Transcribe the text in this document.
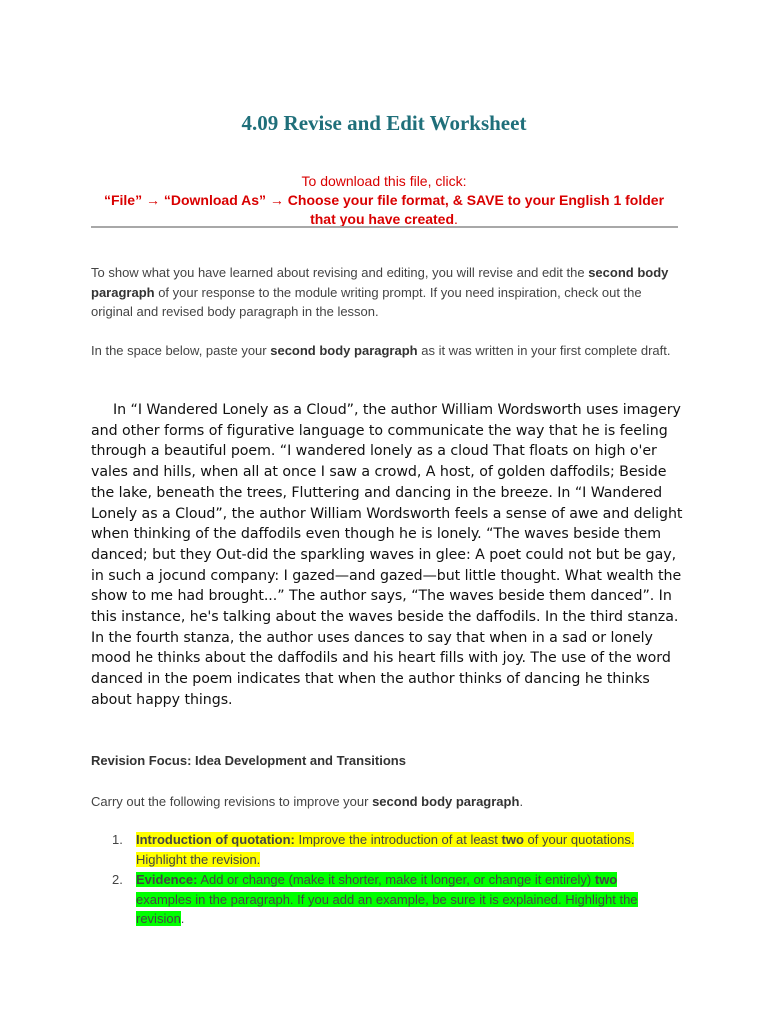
4.09 Revise and Edit Worksheet
To download this file, click:
“File” → “Download As” → Choose your file format, & SAVE to your English 1 folder that you have created.
To show what you have learned about revising and editing, you will revise and edit the second body paragraph of your response to the module writing prompt. If you need inspiration, check out the original and revised body paragraph in the lesson.
In the space below, paste your second body paragraph as it was written in your first complete draft.
In “I Wandered Lonely as a Cloud”, the author William Wordsworth uses imagery and other forms of figurative language to communicate the way that he is feeling through a beautiful poem. “I wandered lonely as a cloud That floats on high o'er vales and hills, when all at once I saw a crowd, A host, of golden daffodils; Beside the lake, beneath the trees, Fluttering and dancing in the breeze. In “I Wandered Lonely as a Cloud”, the author William Wordsworth feels a sense of awe and delight when thinking of the daffodils even though he is lonely. “The waves beside them danced; but they Out-did the sparkling waves in glee: A poet could not but be gay, in such a jocund company: I gazed—and gazed—but little thought. What wealth the show to me had brought...” The author says, “The waves beside them danced”. In this instance, he's talking about the waves beside the daffodils. In the third stanza. In the fourth stanza, the author uses dances to say that when in a sad or lonely mood he thinks about the daffodils and his heart fills with joy. The use of the word danced in the poem indicates that when the author thinks of dancing he thinks about happy things.
Revision Focus: Idea Development and Transitions
Carry out the following revisions to improve your second body paragraph.
1.	Introduction of quotation: Improve the introduction of at least two of your quotations. Highlight the revision.
2.	Evidence: Add or change (make it shorter, make it longer, or change it entirely) two examples in the paragraph. If you add an example, be sure it is explained. Highlight the revision.
